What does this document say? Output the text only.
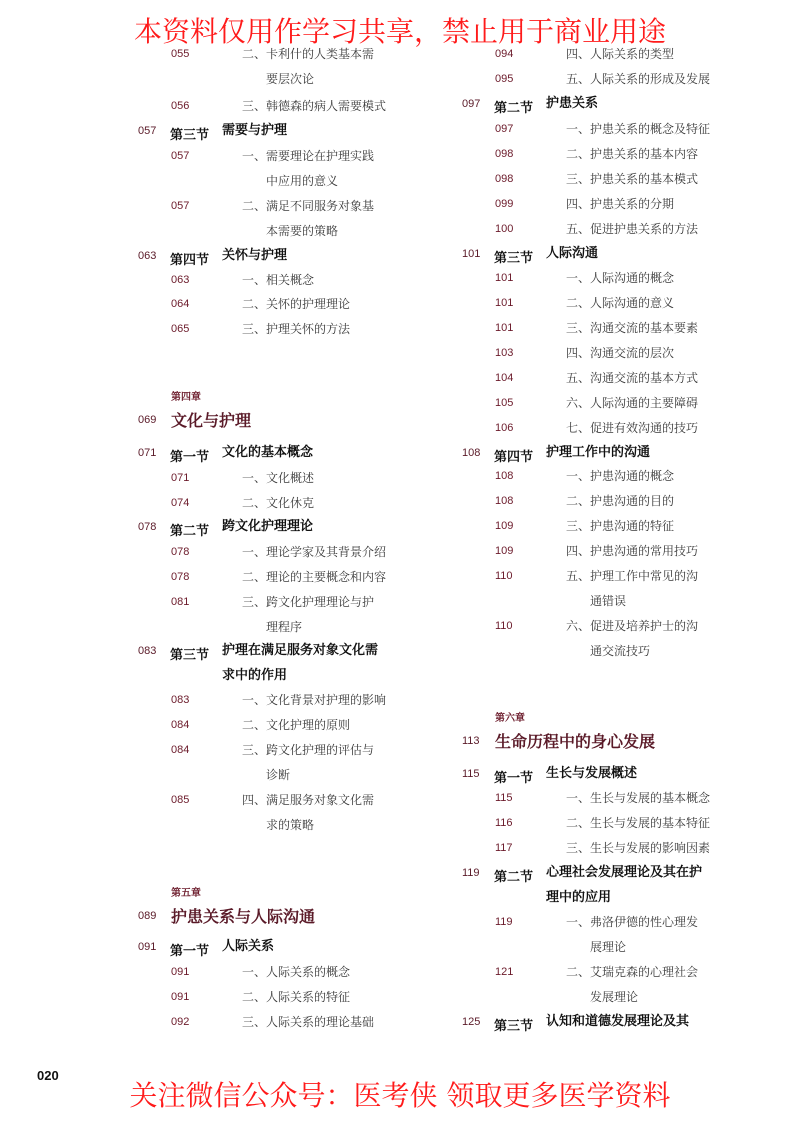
本资料仅用作学习共享，禁止用于商业用途
055	二、卡利什的人类基本需
要层次论
056	三、韩德森的病人需要模式
057 第三节 需要与护理
057	一、需要理论在护理实践
中应用的意义
057	二、满足不同服务对象基
本需要的策略
063 第四节 关怀与护理
063	一、相关概念
064	二、关怀的护理理论
065	三、护理关怀的方法
第四章
069 文化与护理
071 第一节 文化的基本概念
071	一、文化概述
074	二、文化休克
078 第二节 跨文化护理理论
078	一、理论学家及其背景介绍
078	二、理论的主要概念和内容
081	三、跨文化护理理论与护
理程序
083 第三节 护理在满足服务对象文化需
求中的作用
083	一、文化背景对护理的影响
084	二、文化护理的原则
084	三、跨文化护理的评估与
诊断
085	四、满足服务对象文化需
求的策略
第五章
089 护患关系与人际沟通
091 第一节 人际关系
091	一、人际关系的概念
091	二、人际关系的特征
092	三、人际关系的理论基础
094	四、人际关系的类型
095	五、人际关系的形成及发展
097 第二节 护患关系
097	一、护患关系的概念及特征
098	二、护患关系的基本内容
098	三、护患关系的基本模式
099	四、护患关系的分期
100	五、促进护患关系的方法
101 第三节 人际沟通
101	一、人际沟通的概念
101	二、人际沟通的意义
101	三、沟通交流的基本要素
103	四、沟通交流的层次
104	五、沟通交流的基本方式
105	六、人际沟通的主要障碍
106	七、促进有效沟通的技巧
108 第四节 护理工作中的沟通
108	一、护患沟通的概念
108	二、护患沟通的目的
109	三、护患沟通的特征
109	四、护患沟通的常用技巧
110	五、护理工作中常见的沟
通错误
110	六、促进及培养护士的沟
通交流技巧
第六章
113 生命历程中的身心发展
115 第一节 生长与发展概述
115	一、生长与发展的基本概念
116	二、生长与发展的基本特征
117	三、生长与发展的影响因素
119 第二节 心理社会发展理论及其在护
理中的应用
119	一、弗洛伊德的性心理发
展理论
121	二、艾瑞克森的心理社会
发展理论
125 第三节 认知和道德发展理论及其
020
关注微信公众号：医考侠 领取更多医学资料
